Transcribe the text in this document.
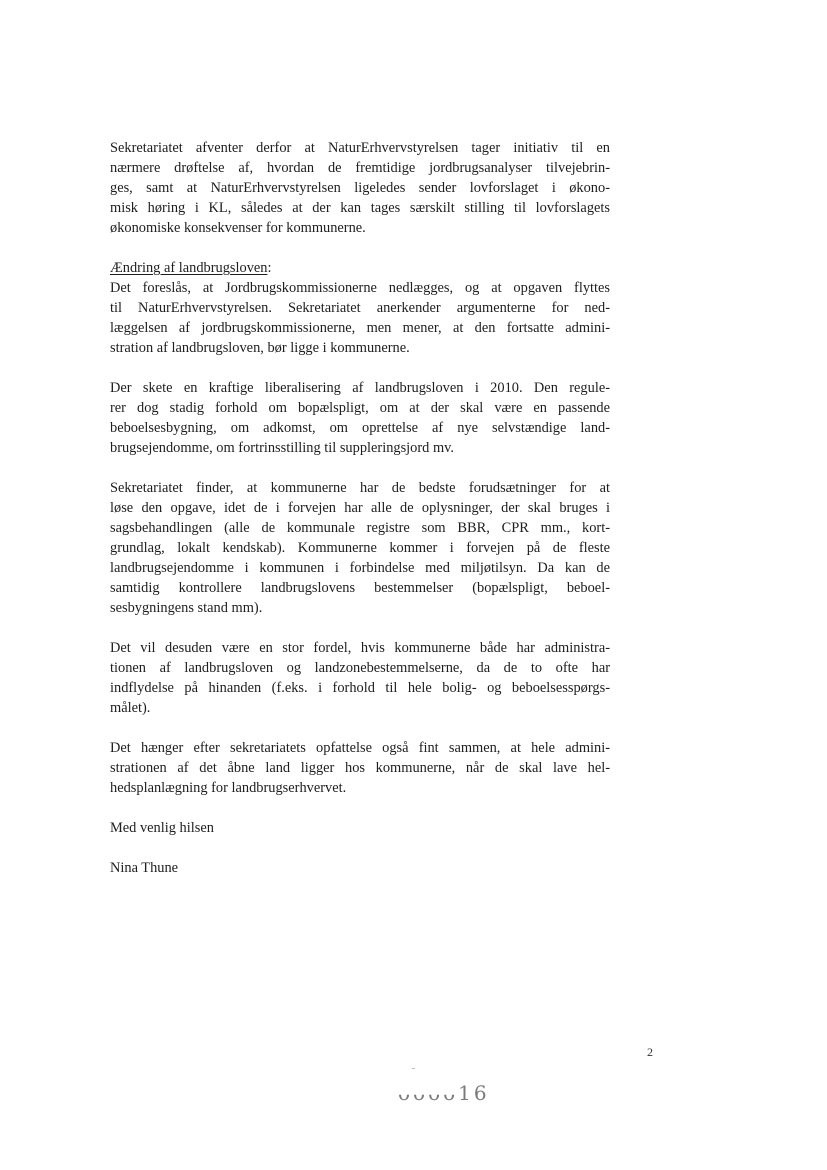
Sekretariatet afventer derfor at NaturErhvervstyrelsen tager initiativ til en
nærmere drøftelse af, hvordan de fremtidige jordbrugsanalyser tilvejebrin-
ges, samt at NaturErhvervstyrelsen ligeledes sender lovforslaget i økono-
misk høring i KL, således at der kan tages særskilt stilling til lovforslagets
økonomiske konsekvenser for kommunerne.
Ændring af landbrugsloven:
Det foreslås, at Jordbrugskommissionerne nedlægges, og at opgaven flyttes
til NaturErhvervstyrelsen. Sekretariatet anerkender argumenterne for ned-
læggelsen af jordbrugskommissionerne, men mener, at den fortsatte admini-
stration af landbrugsloven, bør ligge i kommunerne.
Der skete en kraftige liberalisering af landbrugsloven i 2010. Den regule-
rer dog stadig forhold om bopælspligt, om at der skal være en passende
beboelsesbygning, om adkomst, om oprettelse af nye selvstændige land-
brugsejendomme, om fortrinsstilling til suppleringsjord mv.
Sekretariatet finder, at kommunerne har de bedste forudsætninger for at
løse den opgave, idet de i forvejen har alle de oplysninger, der skal bruges i
sagsbehandlingen (alle de kommunale registre som BBR, CPR mm., kort-
grundlag, lokalt kendskab). Kommunerne kommer i forvejen på de fleste
landbrugsejendomme i kommunen i forbindelse med miljøtilsyn. Da kan de
samtidig kontrollere landbrugslovens bestemmelser (bopælspligt, beboel-
sesbygningens stand mm).
Det vil desuden være en stor fordel, hvis kommunerne både har administra-
tionen af landbrugsloven og landzonebestemmelserne, da de to ofte har
indflydelse på hinanden (f.eks. i forhold til hele bolig- og beboelsesspørgs-
målet).
Det hænger efter sekretariatets opfattelse også fint sammen, at hele admini-
strationen af det åbne land ligger hos kommunerne, når de skal lave hel-
hedsplanlægning for landbrugserhvervet.
Med venlig hilsen
Nina Thune
2
ᴗᴗᴗᴗ16
